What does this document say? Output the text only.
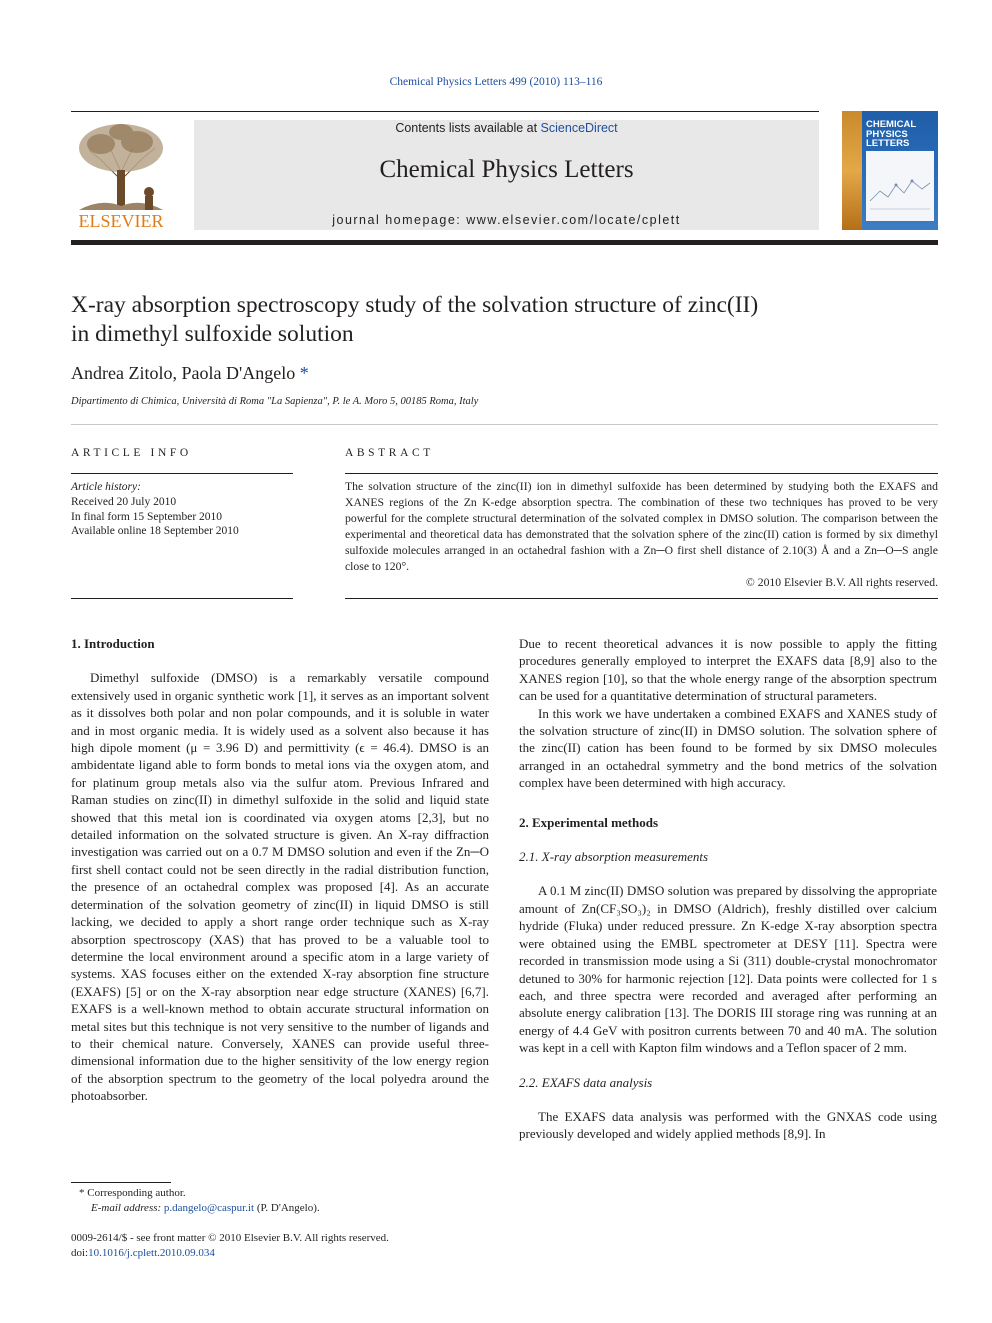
Chemical Physics Letters 499 (2010) 113–116
ELSEVIER
Contents lists available at ScienceDirect
Chemical Physics Letters
journal homepage: www.elsevier.com/locate/cplett
CHEMICAL
PHYSICS
LETTERS
X-ray absorption spectroscopy study of the solvation structure of zinc(II)
in dimethyl sulfoxide solution
Andrea Zitolo, Paola D'Angelo *
Dipartimento di Chimica, Università di Roma "La Sapienza", P. le A. Moro 5, 00185 Roma, Italy
ARTICLE INFO	ABSTRACT
Article history:
Received 20 July 2010
In final form 15 September 2010
Available online 18 September 2010
The solvation structure of the zinc(II) ion in dimethyl sulfoxide has been determined by studying both the EXAFS and XANES regions of the Zn K-edge absorption spectra. The combination of these two techniques has proved to be very powerful for the complete structural determination of the solvated complex in DMSO solution. The comparison between the experimental and theoretical data has demonstrated that the solvation sphere of the zinc(II) cation is formed by six dimethyl sulfoxide molecules arranged in an octahedral fashion with a Zn─O first shell distance of 2.10(3) Å and a Zn─O─S angle close to 120°.
© 2010 Elsevier B.V. All rights reserved.
1. Introduction

Dimethyl sulfoxide (DMSO) is a remarkably versatile compound extensively used in organic synthetic work [1], it serves as an important solvent as it dissolves both polar and non polar compounds, and it is soluble in water and in most organic media. It is widely used as a solvent also because it has high dipole moment (μ = 3.96 D) and permittivity (ϵ = 46.4). DMSO is an ambidentate ligand able to form bonds to metal ions via the oxygen atom, and for platinum group metals also via the sulfur atom. Previous Infrared and Raman studies on zinc(II) in dimethyl sulfoxide in the solid and liquid state showed that this metal ion is coordinated via oxygen atoms [2,3], but no detailed information on the solvated structure is given. An X-ray diffraction investigation was carried out on a 0.7 M DMSO solution and even if the Zn─O first shell contact could not be seen directly in the radial distribution function, the presence of an octahedral complex was proposed [4]. As an accurate determination of the solvation geometry of zinc(II) in liquid DMSO is still lacking, we decided to apply a short range order technique such as X-ray absorption spectroscopy (XAS) that has proved to be a valuable tool to determine the local environment around a specific atom in a large variety of systems. XAS focuses either on the extended X-ray absorption fine structure (EXAFS) [5] or on the X-ray absorption near edge structure (XANES) [6,7]. EXAFS is a well-known method to obtain accurate structural information on metal sites but this technique is not very sensitive to the number of ligands and to their chemical nature. Conversely, XANES can provide useful three-dimensional information due to the higher sensitivity of the low energy region of the absorption spectrum to the geometry of the local polyedra around the photoabsorber.

Due to recent theoretical advances it is now possible to apply the fitting procedures generally employed to interpret the EXAFS data [8,9] also to the XANES region [10], so that the whole energy range of the absorption spectrum can be used for a quantitative determination of structural parameters.

In this work we have undertaken a combined EXAFS and XANES study of the solvation structure of zinc(II) in DMSO solution. The solvation sphere of the zinc(II) cation has been found to be formed by six DMSO molecules arranged in an octahedral symmetry and the bond metrics of the solvation complex have been determined with high accuracy.

2. Experimental methods
2.1. X-ray absorption measurements

A 0.1 M zinc(II) DMSO solution was prepared by dissolving the appropriate amount of Zn(CF₃SO₃)₂ in DMSO (Aldrich), freshly distilled over calcium hydride (Fluka) under reduced pressure. Zn K-edge X-ray absorption spectra were obtained using the EMBL spectrometer at DESY [11]. Spectra were recorded in transmission mode using a Si (311) double-crystal monochromator detuned to 30% for harmonic rejection [12]. Data points were collected for 1 s each, and three spectra were recorded and averaged after performing an absolute energy calibration [13]. The DORIS III storage ring was running at an energy of 4.4 GeV with positron currents between 70 and 40 mA. The solution was kept in a cell with Kapton film windows and a Teflon spacer of 2 mm.

2.2. EXAFS data analysis

The EXAFS data analysis was performed with the GNXAS code using previously developed and widely applied methods [8,9]. In

* Corresponding author.
E-mail address: p.dangelo@caspur.it (P. D'Angelo).
0009-2614/$ - see front matter © 2010 Elsevier B.V. All rights reserved.
doi:10.1016/j.cplett.2010.09.034
